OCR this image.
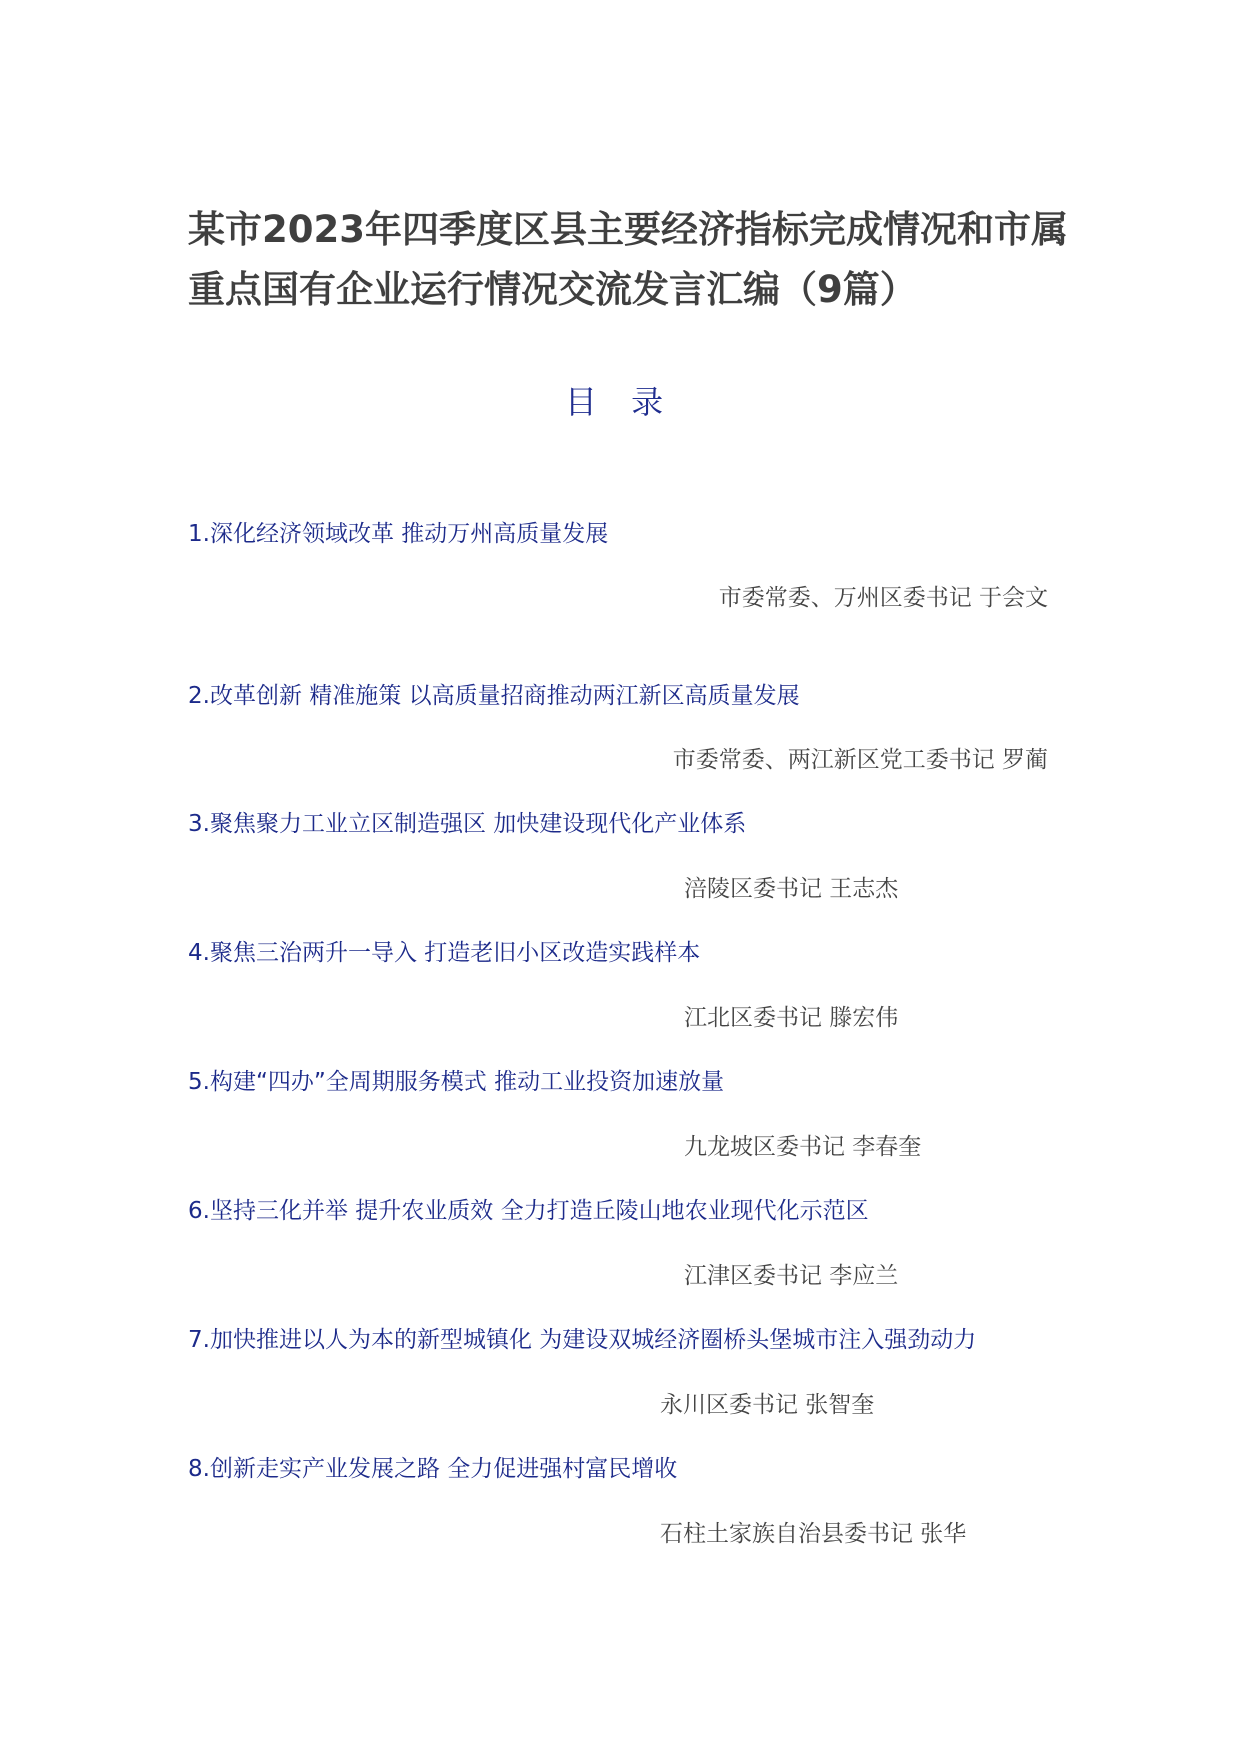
某市2023年四季度区县主要经济指标完成情况和市属重点国有企业运行情况交流发言汇编（9篇）
目 录
1.深化经济领域改革 推动万州高质量发展
市委常委、万州区委书记 于会文
2.改革创新 精准施策 以高质量招商推动两江新区高质量发展
市委常委、两江新区党工委书记 罗蔺
3.聚焦聚力工业立区制造强区 加快建设现代化产业体系
涪陵区委书记 王志杰
4.聚焦三治两升一导入 打造老旧小区改造实践样本
江北区委书记 滕宏伟
5.构建“四办”全周期服务模式 推动工业投资加速放量
九龙坡区委书记 李春奎
6.坚持三化并举 提升农业质效 全力打造丘陵山地农业现代化示范区
江津区委书记 李应兰
7.加快推进以人为本的新型城镇化 为建设双城经济圈桥头堡城市注入强劲动力
永川区委书记 张智奎
8.创新走实产业发展之路 全力促进强村富民增收
石柱土家族自治县委书记 张华
